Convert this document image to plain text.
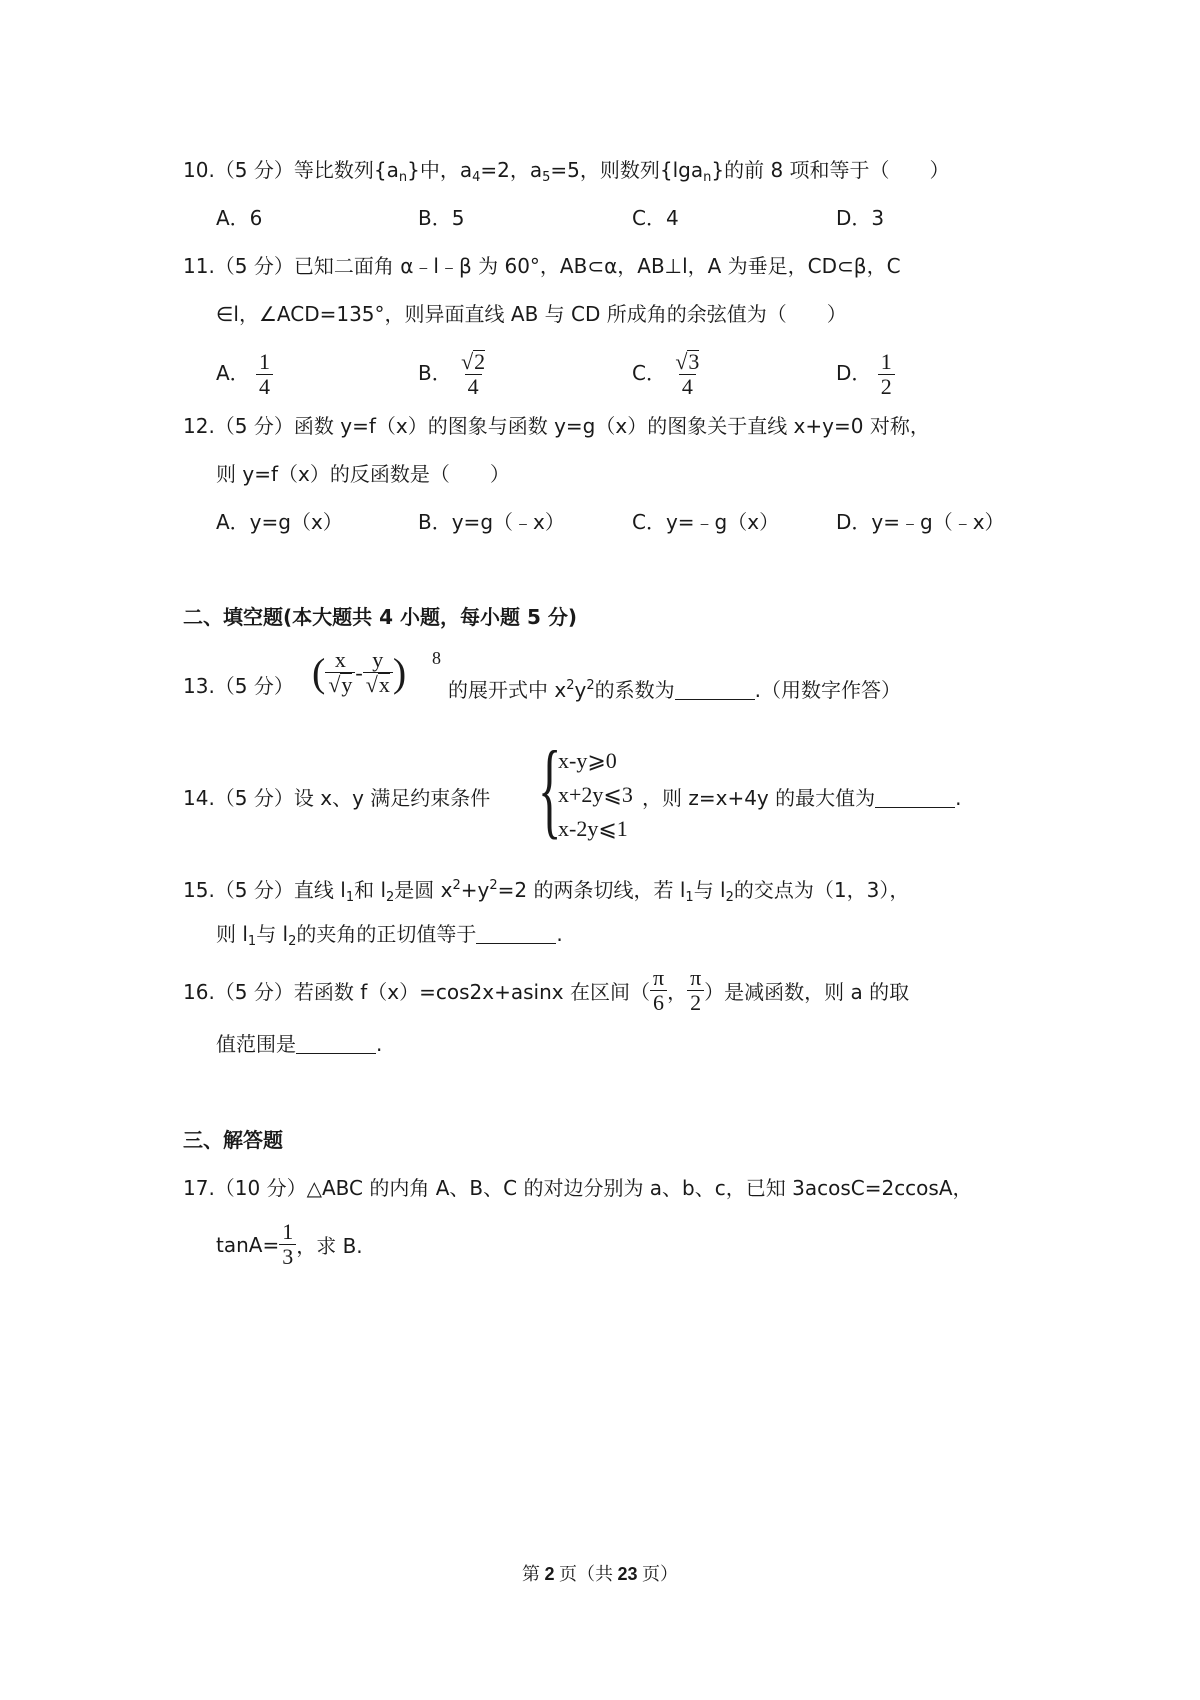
10.（5 分）等比数列$\{a_n\}$中，$a_4=2$，$a_5=5$，则数列{lga$_n$}的前 8 项和等于（　　）
A．6	B．5	C．4	D．3
11.（5 分）已知二面角 α﹣l﹣β 为 60°，AB⊂α，AB⊥l，A 为垂足，CD⊂β，C
∈l，∠ACD=135°，则异面直线 AB 与 CD 所成角的余弦值为（　　）
A． $\frac{1}{4}$	B． $\frac{√ 2}{4}$	C． $\frac{√ 3}{4}$	D． $\frac{1}{2}$
12.（5 分）函数 y=f（x）的图象与函数 y=g（x）的图象关于直线 x+y=0 对称，
则 y=f（x）的反函数是（　　）
A．y=g（x）	B．y=g（﹣x）	C．y=﹣g（x）	D．y=﹣g（﹣x）
二、填空题(本大题共 4 小题，每小题 5 分)
13.（5 分） ( $\frac{x}{√ y} - \frac{y}{√ x}$ ) 8
的展开式中 $x^2y^2$的系数为	.（用数字作答）
14.（5 分）设 x、y 满足约束条件 {
x-y⩾0
x+2y⩽3
x-2y⩽1
，则 z=x+4y 的最大值为	.
15.（5 分）直线 $l_1$和 $l_2$是圆 $x^2+y^2=2$ 的两条切线，若 $l_1$与 $l_2$的交点为（1，3），
则 $l_1$与 $l_2$的夹角的正切值等于	.
16.（5 分）若函数 f（x）=cos2x+asinx 在区间（ $\frac{\pi}{6}$ ， $\frac{\pi}{2}$ ）是减函数，则 a 的取
值范围是	.
三、解答题
17.（10 分）△ABC 的内角 A、B、C 的对边分别为 a、b、c，已知 3acosC=2ccosA，
$\tan A= \frac{1}{3}$ ，求 B.
第 2 页（共 23 页）
